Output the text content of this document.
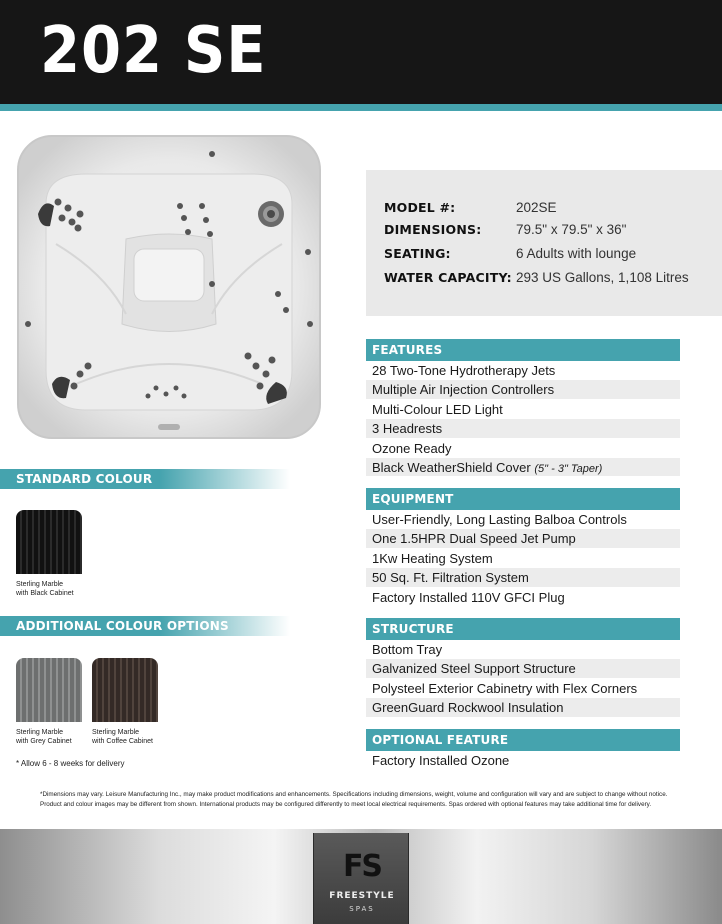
202 SE
MODEL #:	202SE
DIMENSIONS:	79.5" x 79.5" x 36"
SEATING:	6 Adults with lounge
WATER CAPACITY: 293 US Gallons, 1,108 Litres
FEATURES
28 Two-Tone Hydrotherapy Jets
Multiple Air Injection Controllers
Multi-Colour LED Light
3 Headrests
Ozone Ready
Black WeatherShield Cover (5" - 3" Taper)
EQUIPMENT
User-Friendly, Long Lasting Balboa Controls
One 1.5HPR Dual Speed Jet Pump
1Kw Heating System
50 Sq. Ft. Filtration System
Factory Installed 110V GFCI Plug
STRUCTURE
Bottom Tray
Galvanized Steel Support Structure
Polysteel Exterior Cabinetry with Flex Corners
GreenGuard Rockwool Insulation
OPTIONAL FEATURE
Factory Installed Ozone
STANDARD COLOUR
Sterling Marble
with Black Cabinet
ADDITIONAL COLOUR OPTIONS
Sterling Marble
with Grey Cabinet
Sterling Marble
with Coffee Cabinet
* Allow 6 - 8 weeks for delivery
*Dimensions may vary. Leisure Manufacturing Inc., may make product modifications and enhancements. Specifications including dimensions, weight, volume and configuration will vary and are subject to change without notice. Product and colour images may be different from shown. International products may be configured differently to meet local electrical requirements. Spas ordered with optional features may take additional time for delivery.
FS
FREESTYLE
SPAS
